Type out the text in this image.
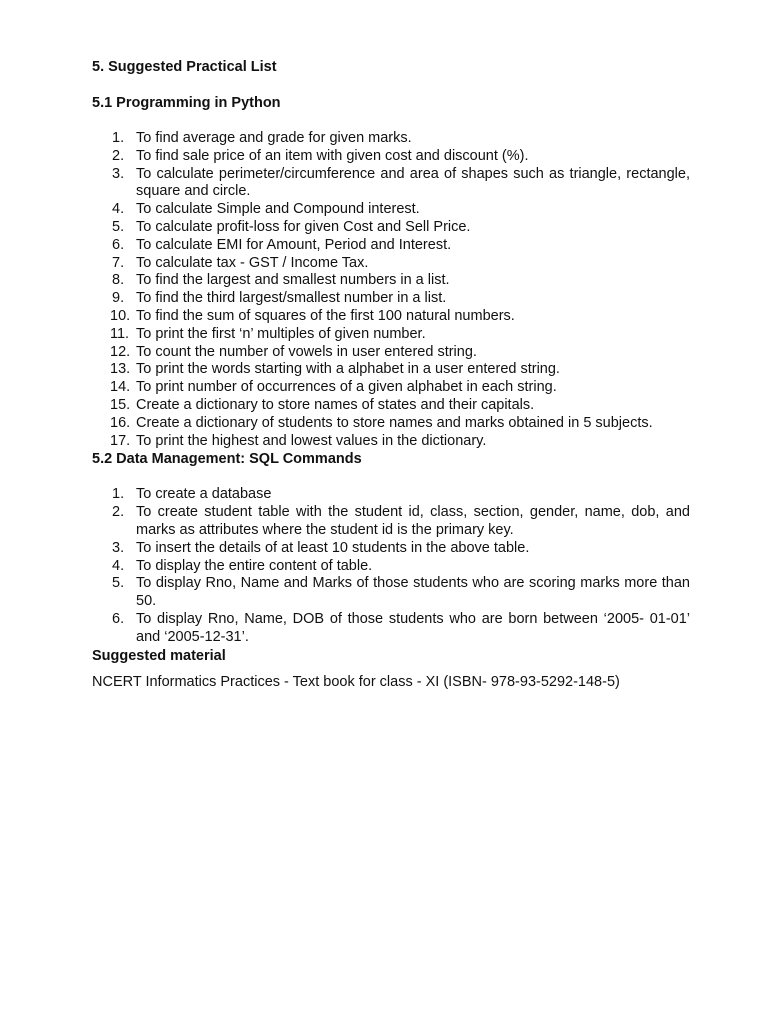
5. Suggested Practical List
5.1 Programming in Python
1. To find average and grade for given marks.
2. To find sale price of an item with given cost and discount (%).
3. To calculate perimeter/circumference and area of shapes such as triangle, rectangle, square and circle.
4. To calculate Simple and Compound interest.
5. To calculate profit-loss for given Cost and Sell Price.
6. To calculate EMI for Amount, Period and Interest.
7. To calculate tax - GST / Income Tax.
8. To find the largest and smallest numbers in a list.
9. To find the third largest/smallest number in a list.
10. To find the sum of squares of the first 100 natural numbers.
11. To print the first ‘n’ multiples of given number.
12. To count the number of vowels in user entered string.
13. To print the words starting with a alphabet in a user entered string.
14. To print number of occurrences of a given alphabet in each string.
15. Create a dictionary to store names of states and their capitals.
16. Create a dictionary of students to store names and marks obtained in 5 subjects.
17. To print the highest and lowest values in the dictionary.
5.2 Data Management: SQL Commands
1. To create a database
2. To create student table with the student id, class, section, gender, name, dob, and marks as attributes where the student id is the primary key.
3. To insert the details of at least 10 students in the above table.
4. To display the entire content of table.
5. To display Rno, Name and Marks of those students who are scoring marks more than 50.
6. To display Rno, Name, DOB of those students who are born between ‘2005- 01-01’ and ‘2005-12-31’.
Suggested material

NCERT Informatics Practices - Text book for class - XI (ISBN- 978-93-5292-148-5)
